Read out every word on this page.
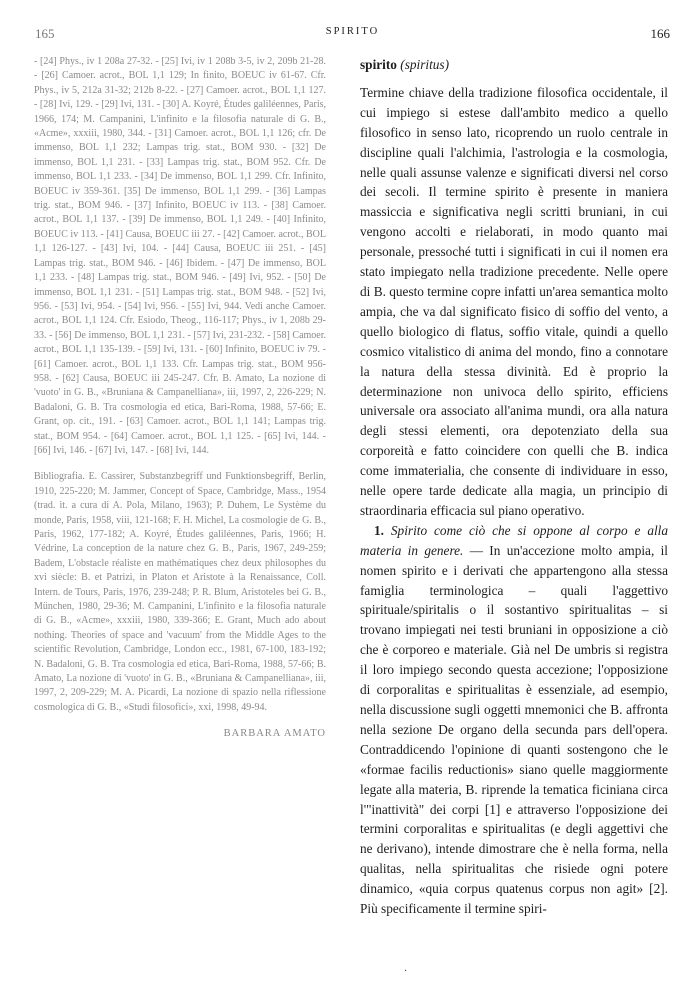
165	SPIRITO	166

- [24] Phys., iv 1 208a 27-32. - [25] Ivi, iv 1 208b 3-5, iv 2, 209b 21-28. - [26] Camoer. acrot., BOL 1,1 129; In finito, BOEUC iv 61-67. Cfr. Phys., iv 5, 212a 31-32; 212b 8-22. - [27] Camoer. acrot., BOL 1,1 127. - [28] Ivi, 129. - [29] Ivi, 131. - [30] A. Koyré, Études galiléennes, Paris, 1966, 174; M. Campanini, L'infinito e la filosofia naturale di G. B., «Acme», xxxiii, 1980, 344. - [31] Camoer. acrot., BOL 1,1 126; cfr. De immenso, BOL 1,1 232; Lampas trig. stat., BOM 930. - [32] De immenso, BOL 1,1 231. - [33] Lampas trig. stat., BOM 952. Cfr. De immenso, BOL 1,1 233. - [34] De immenso, BOL 1,1 299. Cfr. Infinito, BOEUC iv 359-361. [35] De immenso, BOL 1,1 299. - [36] Lampas trig. stat., BOM 946. - [37] Infinito, BOEUC iv 113. - [38] Camoer. acrot., BOL 1,1 137. - [39] De immenso, BOL 1,1 249. - [40] Infinito, BOEUC iv 113. - [41] Causa, BOEUC iii 27. - [42] Camoer. acrot., BOL 1,1 126-127. - [43] Ivi, 104. - [44] Causa, BOEUC iii 251. - [45] Lampas trig. stat., BOM 946. - [46] Ibidem. - [47] De immenso, BOL 1,1 233. - [48] Lampas trig. stat., BOM 946. - [49] Ivi, 952. - [50] De immenso, BOL 1,1 231. - [51] Lampas trig. stat., BOM 948. - [52] Ivi, 956. - [53] Ivi, 954. - [54] Ivi, 956. - [55] Ivi, 944. Vedi anche Camoer. acrot., BOL 1,1 124. Cfr. Esiodo, Theog., 116-117; Phys., iv 1, 208b 29-33. - [56] De immenso, BOL 1,1 231. - [57] Ivi, 231-232. - [58] Camoer. acrot., BOL 1,1 135-139. - [59] Ivi, 131. - [60] Infinito, BOEUC iv 79. - [61] Camoer. acrot., BOL 1,1 133. Cfr. Lampas trig. stat., BOM 956-958. - [62] Causa, BOEUC iii 245-247. Cfr. B. Amato, La nozione di 'vuoto' in G. B., «Bruniana & Campanelliana», iii, 1997, 2, 226-229; N. Badaloni, G. B. Tra cosmologia ed etica, Bari-Roma, 1988, 57-66; E. Grant, op. cit., 191. - [63] Camoer. acrot., BOL 1,1 141; Lampas trig. stat., BOM 954. - [64] Camoer. acrot., BOL 1,1 125. - [65] Ivi, 144. - [66] Ivi, 146. - [67] Ivi, 147. - [68] Ivi, 144.

Bibliografia. E. Cassirer, Substanzbegriff und Funktionsbegriff, Berlin, 1910, 225-220; M. Jammer, Concept of Space, Cambridge, Mass., 1954 (trad. it. a cura di A. Pola, Milano, 1963); P. Duhem, Le Système du monde, Paris, 1958, viii, 121-168; F. H. Michel, La cosmologie de G. B., Paris, 1962, 177-182; A. Koyré, Études galiléennes, Paris, 1966; H. Védrine, La conception de la nature chez G. B., Paris, 1967, 249-259; Badem, L'obstacle réaliste en mathématiques chez deux philosophes du xvi siècle: B. et Patrizi, in Platon et Aristote à la Renaissance, Coll. Intern. de Tours, Paris, 1976, 239-248; P. R. Blum, Aristoteles bei G. B., München, 1980, 29-36; M. Campanini, L'infinito e la filosofia naturale di G. B., «Acme», xxxiii, 1980, 339-366; E. Grant, Much ado about nothing. Theories of space and 'vacuum' from the Middle Ages to the scientific Revolution, Cambridge, London ecc., 1981, 67-100, 183-192; N. Badaloni, G. B. Tra cosmologia ed etica, Bari-Roma, 1988, 57-66; B. Amato, La nozione di 'vuoto' in G. B., «Bruniana & Campanelliana», iii, 1997, 2, 209-229; M. A. Picardi, La nozione di spazio nella riflessione cosmologica di G. B., «Studi filosofici», xxi, 1998, 49-94.

BARBARA AMATO
spirito (spiritus)

Termine chiave della tradizione filosofica occidentale, il cui impiego si estese dall'ambito medico a quello filosofico in senso lato, ricoprendo un ruolo centrale in discipline quali l'alchimia, l'astrologia e la cosmologia, nelle quali assunse valenze e significati diversi nel corso dei secoli. Il termine spirito è presente in maniera massiccia e significativa negli scritti bruniani, in cui vengono accolti e rielaborati, in modo quanto mai personale, pressoché tutti i significati in cui il nomen era stato impiegato nella tradizione precedente. Nelle opere di B. questo termine copre infatti un'area semantica molto ampia, che va dal significato fisico di soffio del vento, a quello biologico di flatus, soffio vitale, quindi a quello cosmico vitalistico di anima del mondo, fino a connotare la natura della stessa divinità. Ed è proprio la determinazione non univoca dello spirito, efficiens universale ora associato all'anima mundi, ora alla natura degli stessi elementi, ora depotenziato della sua corporeità e fatto coincidere con quelli che B. indica come immaterialia, che consente di individuare in esso, nelle opere tarde dedicate alla magia, un principio di straordinaria efficacia sul piano operativo.

1. Spirito come ciò che si oppone al corpo e alla materia in genere. — In un'accezione molto ampia, il nomen spirito e i derivati che appartengono alla stessa famiglia terminologica – quali l'aggettivo spirituale/spiritalis o il sostantivo spiritualitas – si trovano impiegati nei testi bruniani in opposizione a ciò che è corporeo e materiale. Già nel De umbris si registra il loro impiego secondo questa accezione; l'opposizione di corporalitas e spiritualitas è essenziale, ad esempio, nella discussione sugli oggetti mnemonici che B. affronta nella sezione De organo della secunda pars dell'opera. Contraddicendo l'opinione di quanti sostengono che le «formae facilis reductionis» siano quelle maggiormente legate alla materia, B. riprende la tematica ficiniana circa l'"inattività" dei corpi [1] e attraverso l'opposizione dei termini corporalitas e spiritualitas (e degli aggettivi che ne derivano), intende dimostrare che è nella forma, nella qualitas, nella spiritualitas che risiede ogni potere dinamico, «quia corpus quatenus corpus non agit» [2]. Più specificamente il termine spiri-

·
